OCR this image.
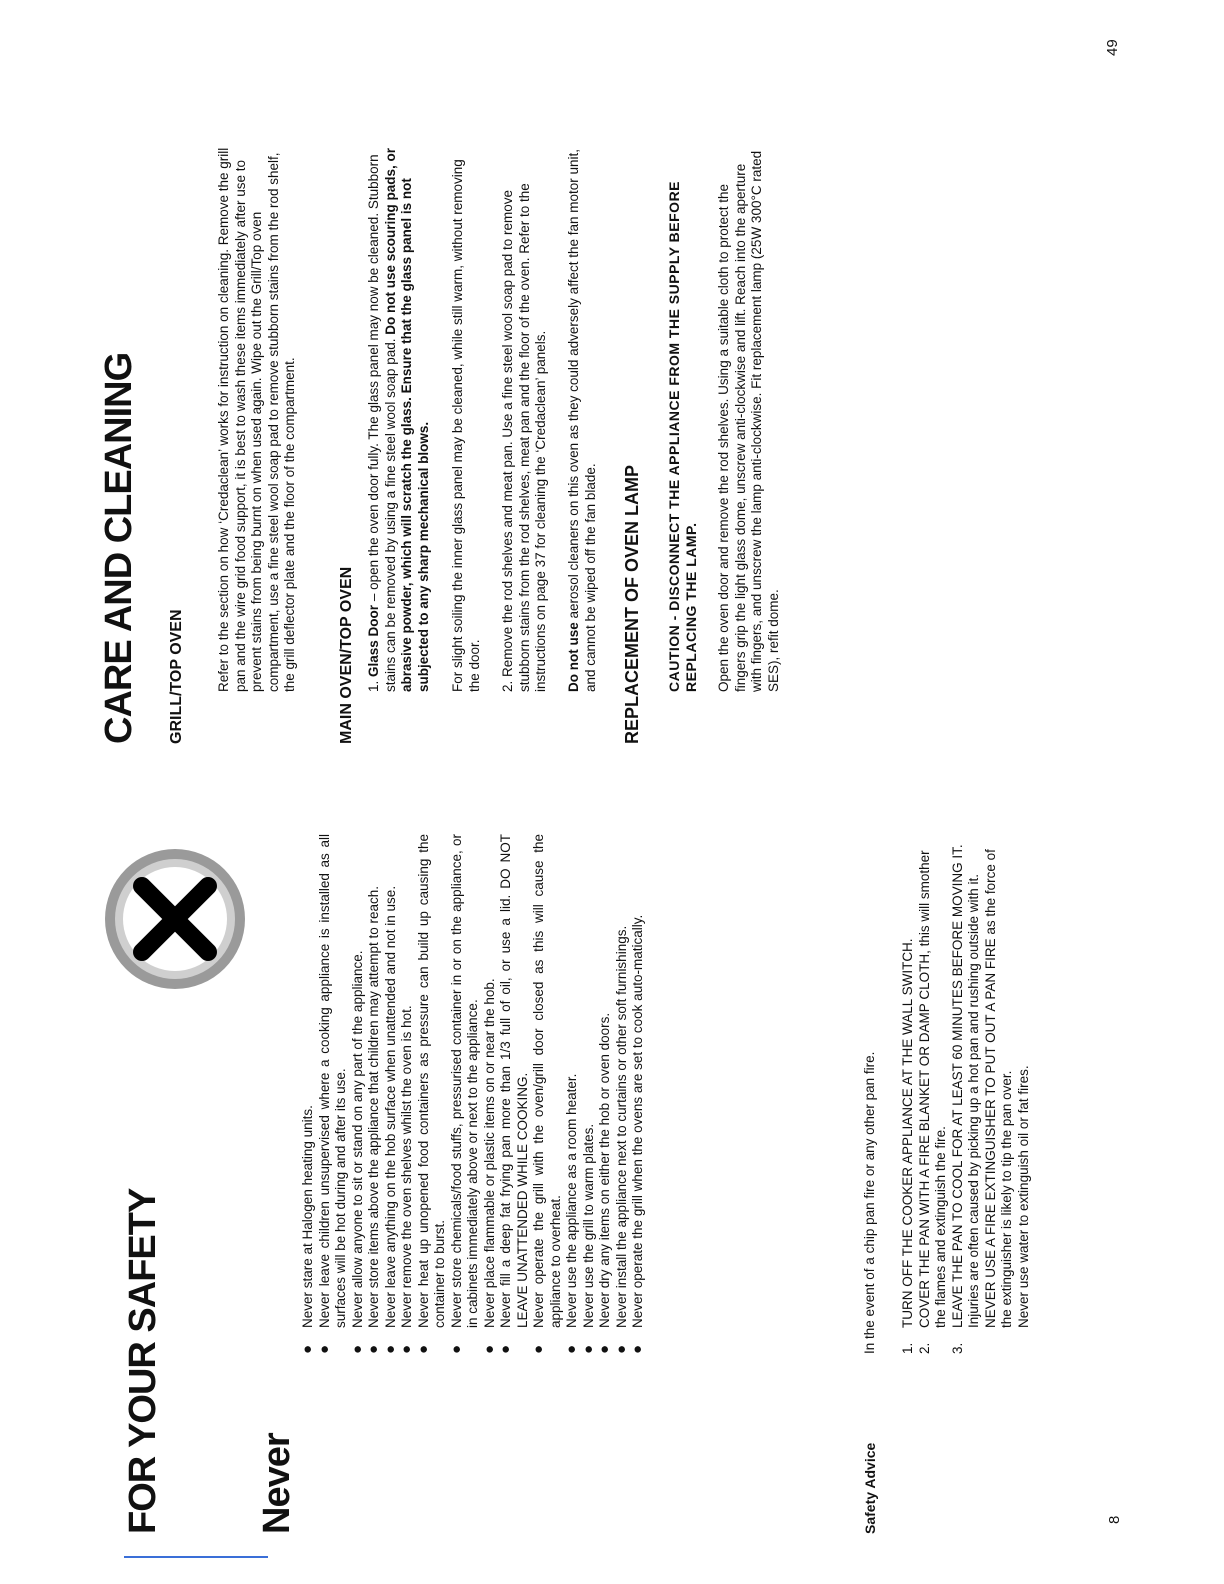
FOR YOUR SAFETY Never
● Never stare at Halogen heating units. ● Never leave children unsupervised where a cooking appliance is installed as all surfaces will be hot during and after its use. ● Never allow anyone to sit or stand on any part of the appliance. ● Never store items above the appliance that children may attempt to reach. ● Never leave anything on the hob surface when unattended and not in use. ● Never remove the oven shelves whilst the oven is hot. ● Never heat up unopened food containers as pressure can build up causing the container to burst. ● Never store chemicals/food stuffs, pressurised container in or on the appliance, or in cabinets immediately above or next to the appliance. ● Never place flammable or plastic items on or near the hob. ● Never fill a deep fat frying pan more than 1/3 full of oil, or use a lid. DO NOT LEAVE UNATTENDED WHILE COOKING. ● Never operate the grill with the oven/grill door closed as this will cause the appliance to overheat. ● Never use the appliance as a room heater. ● Never use the grill to warm plates. ● Never dry any items on either the hob or oven doors. ● Never install the appliance next to curtains or other soft furnishings. ● Never operate the grill when the ovens are set to cook auto-matically.
Safety Advice
In the event of a chip pan fire or any other pan fire. 1.
TURN OFF THE COOKER APPLIANCE AT THE WALL SWITCH.
2.
COVER THE PAN WITH A FIRE BLANKET OR DAMP CLOTH, this will smother the flames and extinguish the fire.
3.
LEAVE THE PAN TO COOL FOR AT LEAST 60 MINUTES BEFORE MOVING IT. Injuries are often caused by picking up a hot pan and rushing outside with it. NEVER USE A FIRE EXTINGUISHER TO PUT OUT A PAN FIRE as the force of the extinguisher is likely to tip the pan over. Never use water to extinguish oil or fat fires.
8
CARE AND CLEANING GRILL/TOP OVEN Refer to the section on how ‘Credaclean’ works for instruction on cleaning. Remove the grill pan and the wire grid food support, it is best to wash these items immediately after use to prevent stains from being burnt on when used again. Wipe out the Grill/Top oven compartment, use a fine steel wool soap pad to remove stubborn stains from the rod shelf, the grill deflector plate and the floor of the compartment.	MAIN OVEN/TOP OVEN 1. Glass Door – open the oven door fully. The glass panel may now be cleaned. Stubborn stains can be removed by using a fine steel wool soap pad. Do not use scouring pads, or abrasive powder, which will scratch the glass. Ensure that the glass panel is not subjected to any sharp mechanical blows. For slight soiling the inner glass panel may be cleaned, while still warm, without removing the door. 2. Remove the rod shelves and meat pan. Use a fine steel wool soap pad to remove stubborn stains from the rod shelves, meat pan and the floor of the oven. Refer to the instructions on page 37 for cleaning the ‘Credaclean’ panels. Do not use aerosol cleaners on this oven as they could adversely affect the fan motor unit, and cannot be wiped off the fan blade. REPLACEMENT OF OVEN LAMP CAUTION - DISCONNECT THE APPLIANCE FROM THE SUPPLY BEFORE REPLACING THE LAMP. Open the oven door and remove the rod shelves. Using a suitable cloth to protect the fingers grip the light glass dome, unscrew anti-clockwise and lift. Reach into the aperture with fingers, and unscrew the lamp anti-clockwise. Fit replacement lamp (25W 300°C rated SES), refit dome.
49
